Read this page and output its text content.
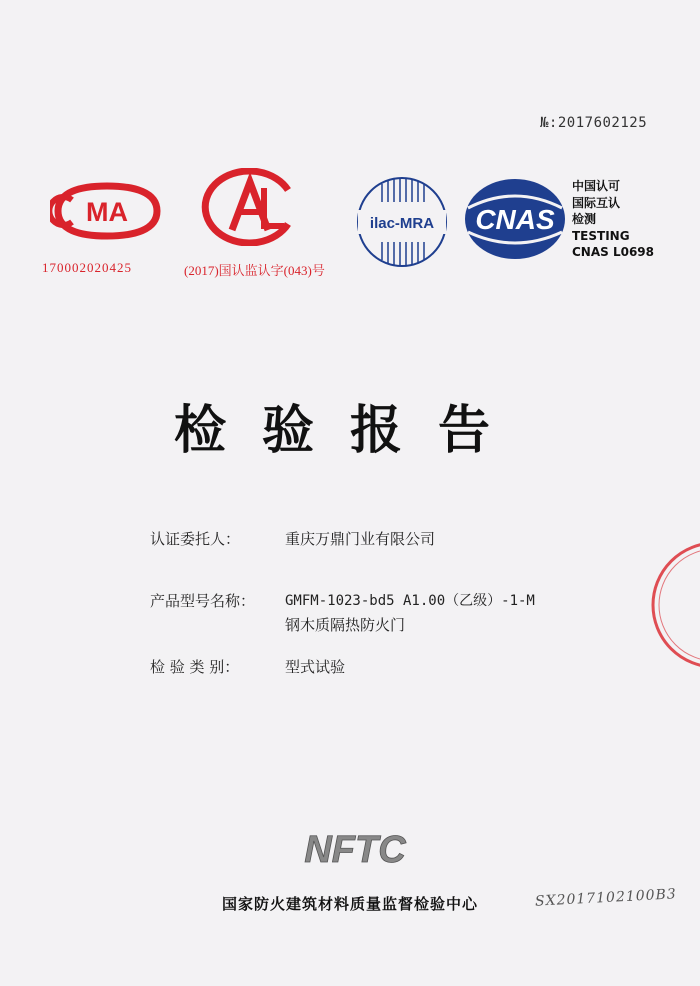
№:2017602125
MA
170002020425	(2017)国认监认字(043)号
ilac-MRA CNAS
中国认可
国际互认
检测
TESTING
CNAS L0698
检验报告
认证委托人：	重庆万鼎门业有限公司
产品型号名称： GMFM-1023-bd5 A1.00（乙级）-1-M
钢木质隔热防火门
检 验 类 别：	型式试验
NFTC
国家防火建筑材料质量监督检验中心	SX2017102100B3
